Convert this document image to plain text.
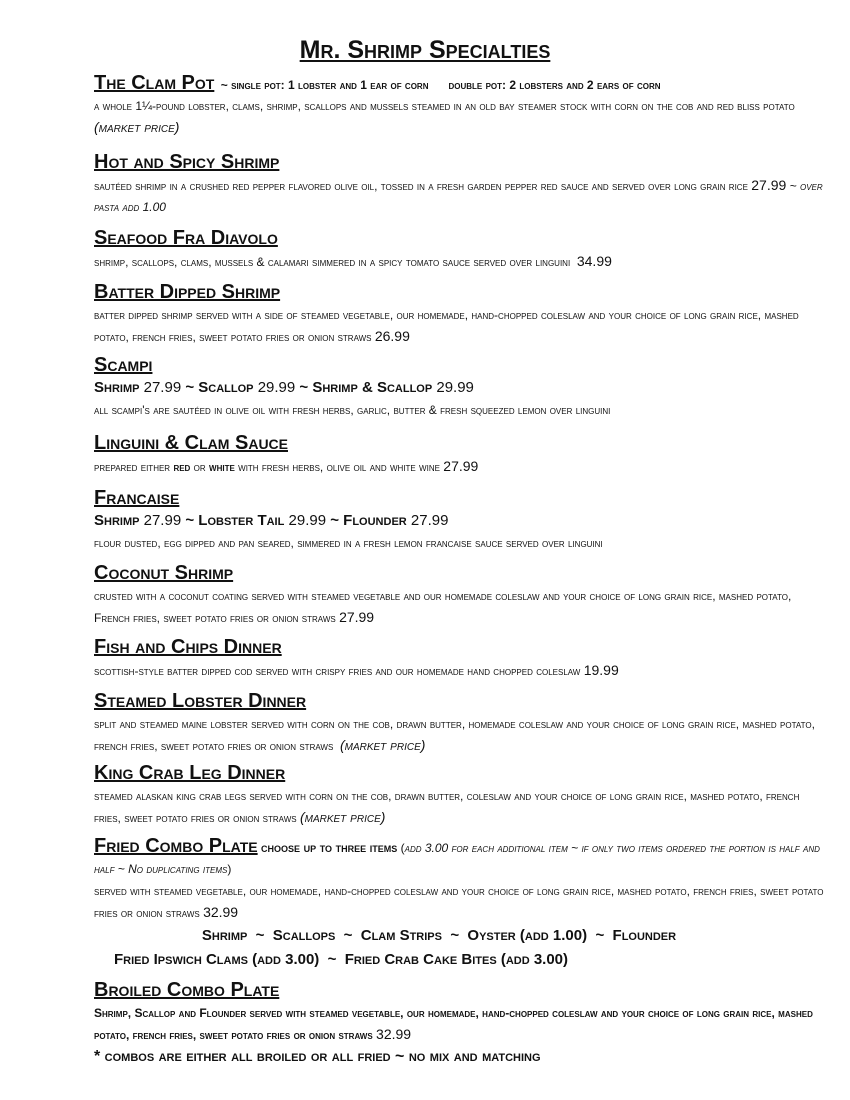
Mr. Shrimp Specialties
The Clam Pot ~ single pot: 1 lobster and 1 ear of corn      double pot: 2 lobsters and 2 ears of corn
a whole 1¼-pound lobster, clams, shrimp, scallops and mussels steamed in an old bay steamer stock with corn on the cob and red bliss potato (market price)
Hot and Spicy Shrimp
sautéed shrimp in a crushed red pepper flavored olive oil, tossed in a fresh garden pepper red sauce and served over long grain rice 27.99 ~ over pasta add 1.00
Seafood Fra Diavolo
shrimp, scallops, clams, mussels & calamari simmered in a spicy tomato sauce served over linguini 34.99
Batter Dipped Shrimp
batter dipped shrimp served with a side of steamed vegetable, our homemade, hand-chopped coleslaw and your choice of long grain rice, mashed potato, french fries, sweet potato fries or onion straws 26.99
Scampi
Shrimp 27.99 ~ Scallop 29.99 ~ Shrimp & Scallop 29.99
all scampi's are sautéed in olive oil with fresh herbs, garlic, butter & fresh squeezed lemon over linguini
Linguini & Clam Sauce
prepared either red or white with fresh herbs, olive oil and white wine 27.99
Francaise
Shrimp 27.99 ~ Lobster Tail 29.99 ~ Flounder 27.99
flour dusted, egg dipped and pan seared, simmered in a fresh lemon francaise sauce served over linguini
Coconut Shrimp
crusted with a coconut coating served with steamed vegetable and our homemade coleslaw and your choice of long grain rice, mashed potato, French fries, sweet potato fries or onion straws 27.99
Fish and Chips Dinner
scottish-style batter dipped cod served with crispy fries and our homemade hand chopped coleslaw 19.99
Steamed Lobster Dinner
split and steamed maine lobster served with corn on the cob, drawn butter, homemade coleslaw and your choice of long grain rice, mashed potato, french fries, sweet potato fries or onion straws (market price)
King Crab Leg Dinner
steamed alaskan king crab legs served with corn on the cob, drawn butter, coleslaw and your choice of long grain rice, mashed potato, french fries, sweet potato fries or onion straws (market price)
Fried Combo Plate choose up to three items (add 3.00 for each additional item ~ if only two items ordered the portion is half and half ~ No duplicating items)
served with steamed vegetable, our homemade, hand-chopped coleslaw and your choice of long grain rice, mashed potato, french fries, sweet potato fries or onion straws 32.99
Shrimp  ~  Scallops  ~  Clam Strips  ~  Oyster (add 1.00)  ~  Flounder
Fried Ipswich Clams (add 3.00)  ~  Fried Crab Cake Bites (add 3.00)
Broiled Combo Plate
Shrimp, Scallop and Flounder served with steamed vegetable, our homemade, hand-chopped coleslaw and your choice of long grain rice, mashed potato, french fries, sweet potato fries or onion straws 32.99
* combos are either all broiled or all fried ~ no mix and matching
